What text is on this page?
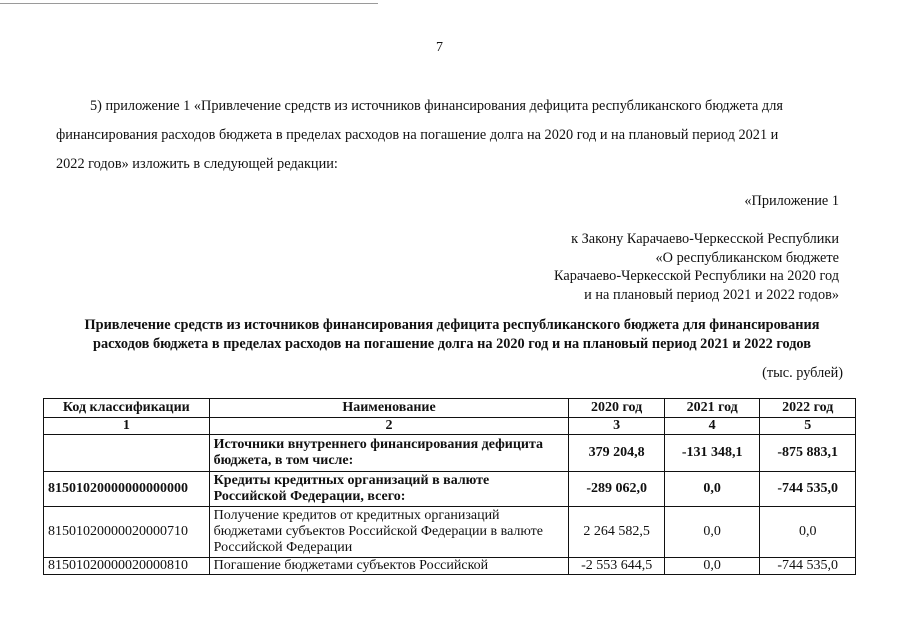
7
5) приложение 1 «Привлечение средств из источников финансирования дефицита республиканского бюджета для
финансирования расходов бюджета в пределах расходов на погашение долга на 2020 год и на плановый период 2021 и
2022 годов» изложить в следующей редакции:
«Приложение 1
к Закону Карачаево-Черкесской Республики
«О республиканском бюджете
Карачаево-Черкесской Республики на 2020 год
и на плановый период 2021 и 2022 годов»
Привлечение средств из источников финансирования дефицита республиканского бюджета для финансирования
расходов бюджета в пределах расходов на погашение долга на 2020 год и на плановый период 2021 и 2022 годов
(тыс. рублей)
Код классификации	Наименование	2020 год	2021 год	2022 год
1	2	3	4	5
	Источники внутреннего финансирования дефицита бюджета, в том числе:	379 204,8	-131 348,1	-875 883,1
81501020000000000000	Кредиты кредитных организаций в валюте Российской Федерации, всего:	-289 062,0	0,0	-744 535,0
81501020000020000710	Получение кредитов от кредитных организаций бюджетами субъектов Российской Федерации в валюте Российской Федерации	2 264 582,5	0,0	0,0
81501020000020000810	Погашение бюджетами субъектов Российской	-2 553 644,5	0,0	-744 535,0
